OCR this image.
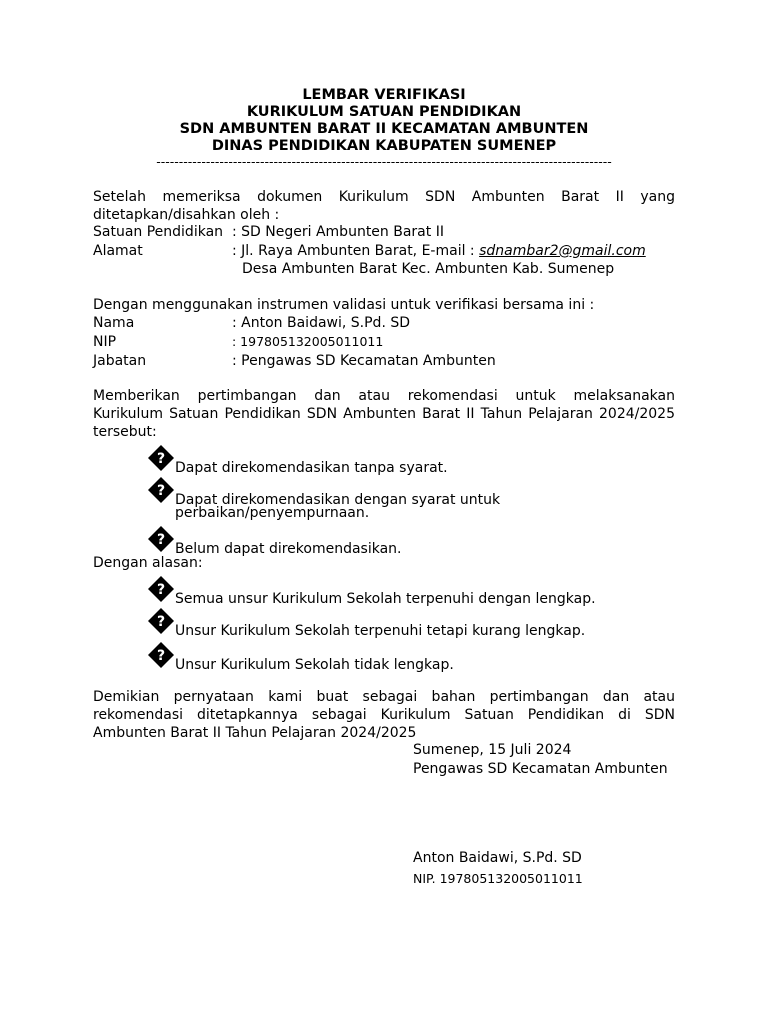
LEMBAR VERIFIKASI
KURIKULUM SATUAN PENDIDIKAN
SDN AMBUNTEN BARAT II KECAMATAN AMBUNTEN
DINAS PENDIDIKAN KABUPATEN SUMENEP
-----------------------------------------------------------------------------------------------------
Setelah memeriksa dokumen Kurikulum SDN Ambunten Barat II yang
ditetapkan/disahkan oleh :
Satuan Pendidikan : SD Negeri Ambunten Barat II
Alamat	: Jl. Raya Ambunten Barat, E-mail : sdnambar2@gmail.com
Desa Ambunten Barat Kec. Ambunten Kab. Sumenep
Dengan menggunakan instrumen validasi untuk verifikasi bersama ini :
Nama	: Anton Baidawi, S.Pd. SD
NIP	: 197805132005011011
Jabatan	: Pengawas SD Kecamatan Ambunten
Memberikan pertimbangan dan atau rekomendasi untuk melaksanakan
Kurikulum Satuan Pendidikan SDN Ambunten Barat II Tahun Pelajaran 2024/2025
tersebut:
?
Dapat direkomendasikan tanpa syarat.
?
Dapat direkomendasikan dengan syarat untuk
perbaikan/penyempurnaan.
?
Belum dapat direkomendasikan.
Dengan alasan:
?
Semua unsur Kurikulum Sekolah terpenuhi dengan lengkap.
?
Unsur Kurikulum Sekolah terpenuhi tetapi kurang lengkap.
?
Unsur Kurikulum Sekolah tidak lengkap.
Demikian pernyataan kami buat sebagai bahan pertimbangan dan atau
rekomendasi ditetapkannya sebagai Kurikulum Satuan Pendidikan di SDN
Ambunten Barat II Tahun Pelajaran 2024/2025
Sumenep, 15 Juli 2024
Pengawas SD Kecamatan Ambunten
Anton Baidawi, S.Pd. SD
NIP. 197805132005011011
